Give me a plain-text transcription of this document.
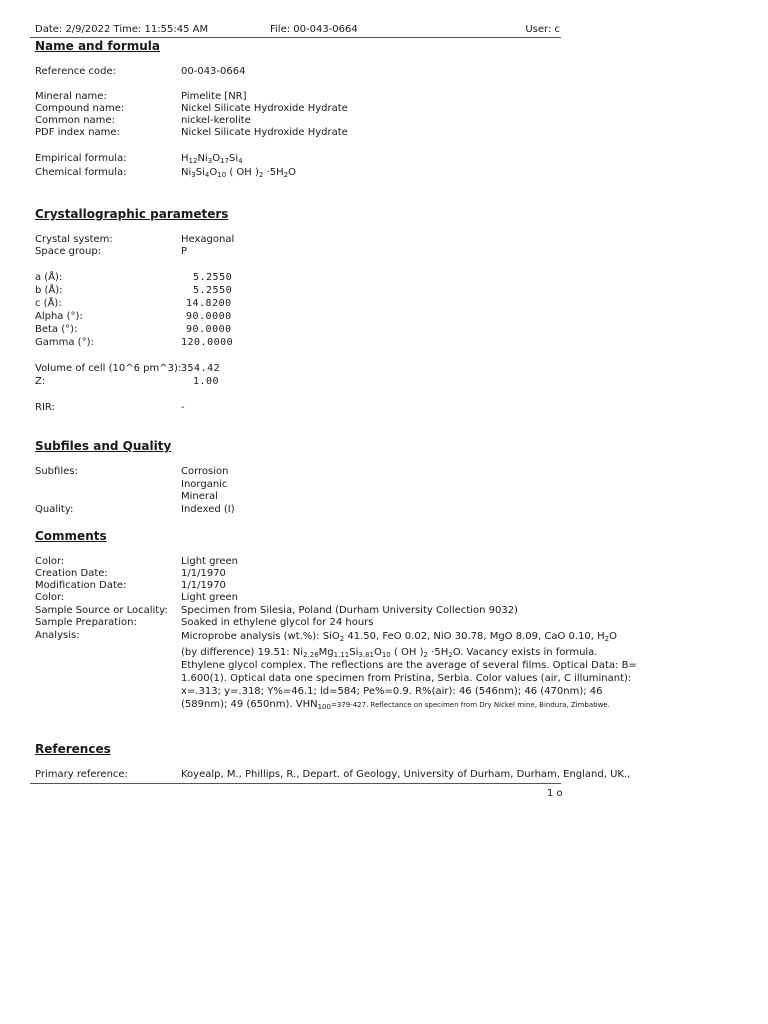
Date: 2/9/2022 Time: 11:55:45 AM	File: 00-043-0664	User: c
Name and formula
Reference code:	00-043-0664
Mineral name:	Pimelite [NR]
Compound name:	Nickel Silicate Hydroxide Hydrate
Common name:	nickel-kerolite
PDF index name:	Nickel Silicate Hydroxide Hydrate
Empirical formula:	$H_{12}Ni_3O_{17}Si_4$
Chemical formula:	$Ni_3Si_4O_{10}$ ( OH )$_2 \cdot 5H_2O$
Crystallographic parameters
Crystal system:	Hexagonal
Space group:	P
a (Å):	5.2550
b (Å):	5.2550
c (Å):	14.8200
Alpha (°):	90.0000
Beta (°):	90.0000
Gamma (°):	120.0000
Volume of cell (10^6 pm^3): 354.42
Z:	1.00
RIR:	-
Subfiles and Quality
Subfiles:	Corrosion
Inorganic
Mineral
Quality:	Indexed (I)
Comments
Color:	Light green
Creation Date:	1/1/1970
Modification Date:	1/1/1970
Color:	Light green
Sample Source or Locality: Specimen from Silesia, Poland (Durham University Collection 9032)
Sample Preparation:	Soaked in ethylene glycol for 24 hours
Analysis:	Microprobe analysis (wt.%): SiO$_2$ 41.50, FeO 0.02, NiO 30.78, MgO 8.09, CaO 0.10, $H_2O$

(by difference) 19.51: $Ni_{2.26}Mg_{1.11}Si_{3.81}O_{10}$ ( OH )$_2 \cdot 5H_2O$. Vacancy exists in formula.

Ethylene glycol complex. The reflections are the average of several films. Optical Data: B=

1.600(1). Optical data one specimen from Pristina, Serbia. Color values (air, C illuminant):

x=.313; y=.318; Y%=46.1; ld=584; Pe%=0.9. R%(air): 46 (546nm); 46 (470nm); 46

(589nm); 49 (650nm). $VHN_{100}=379-427$. Reflectance on specimen from Dry Nickel mine, Bindura, Zimbabwe.

References
Primary reference:	Koyealp, M., Phillips, R., Depart. of Geology, University of Durham, Durham, England, UK.,
1 o
